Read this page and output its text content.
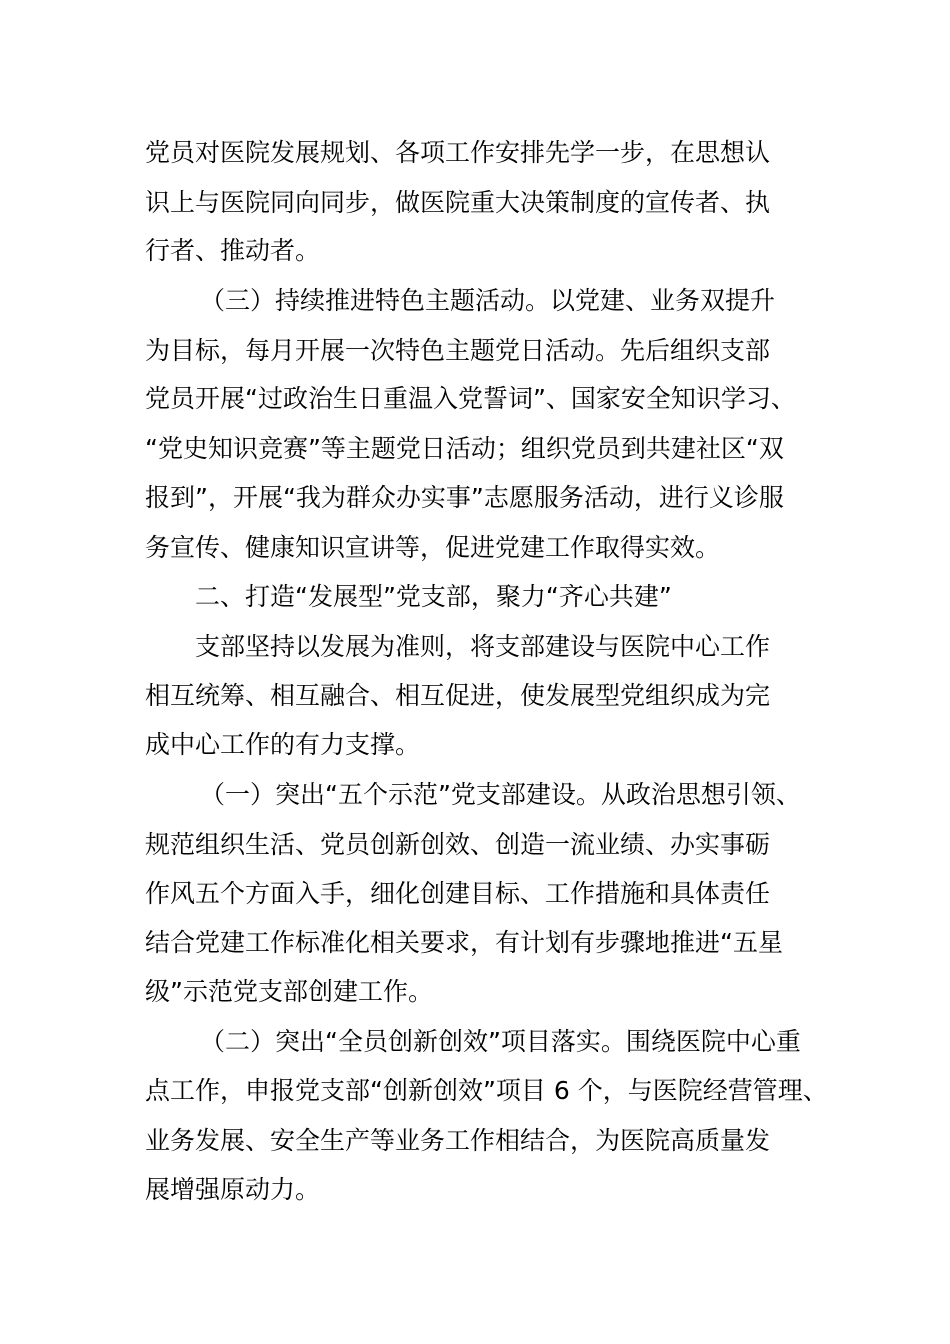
党员对医院发展规划、各项工作安排先学一步，在思想认
识上与医院同向同步，做医院重大决策制度的宣传者、执
行者、推动者。
（三）持续推进特色主题活动。以党建、业务双提升
为目标，每月开展一次特色主题党日活动。先后组织支部
党员开展“过政治生日重温入党誓词”、国家安全知识学习、
“党史知识竞赛”等主题党日活动；组织党员到共建社区“双
报到”，开展“我为群众办实事”志愿服务活动，进行义诊服
务宣传、健康知识宣讲等，促进党建工作取得实效。
二、打造“发展型”党支部，聚力“齐心共建”
支部坚持以发展为准则，将支部建设与医院中心工作
相互统筹、相互融合、相互促进，使发展型党组织成为完
成中心工作的有力支撑。
（一）突出“五个示范”党支部建设。从政治思想引领、
规范组织生活、党员创新创效、创造一流业绩、办实事砺
作风五个方面入手，细化创建目标、工作措施和具体责任
结合党建工作标准化相关要求，有计划有步骤地推进“五星
级”示范党支部创建工作。
（二）突出“全员创新创效”项目落实。围绕医院中心重
点工作，申报党支部“创新创效”项目 6 个，与医院经营管理、
业务发展、安全生产等业务工作相结合，为医院高质量发
展增强原动力。
